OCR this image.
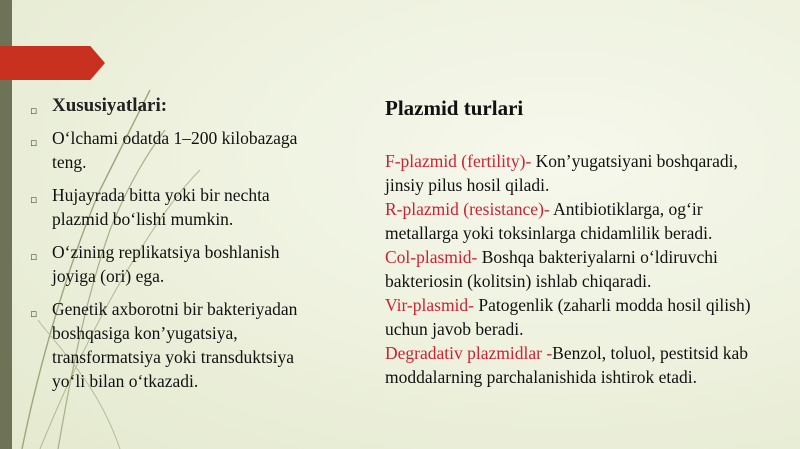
▫ Xususiyatlari:
▫ O‘lchami odatda 1–200 kilobazaga
teng.
▫ Hujayrada bitta yoki bir nechta
plazmid bo‘lishi mumkin.
▫ O‘zining replikatsiya boshlanish
joyiga (ori) ega.
▫ Genetik axborotni bir bakteriyadan
boshqasiga kon’yugatsiya,
transformatsiya yoki transduktsiya
yo‘li bilan o‘tkazadi.
Plazmid turlari
F-plazmid (fertility)- Kon’yugatsiyani boshqaradi,
jinsiy pilus hosil qiladi.
R-plazmid (resistance)- Antibiotiklarga, og‘ir
metallarga yoki toksinlarga chidamlilik beradi.
Col-plasmid- Boshqa bakteriyalarni o‘ldiruvchi
bakteriosin (kolitsin) ishlab chiqaradi.
Vir-plasmid- Patogenlik (zaharli modda hosil qilish)
uchun javob beradi.
Degradativ plazmidlar -Benzol, toluol, pestitsid kab
moddalarning parchalanishida ishtirok etadi.
